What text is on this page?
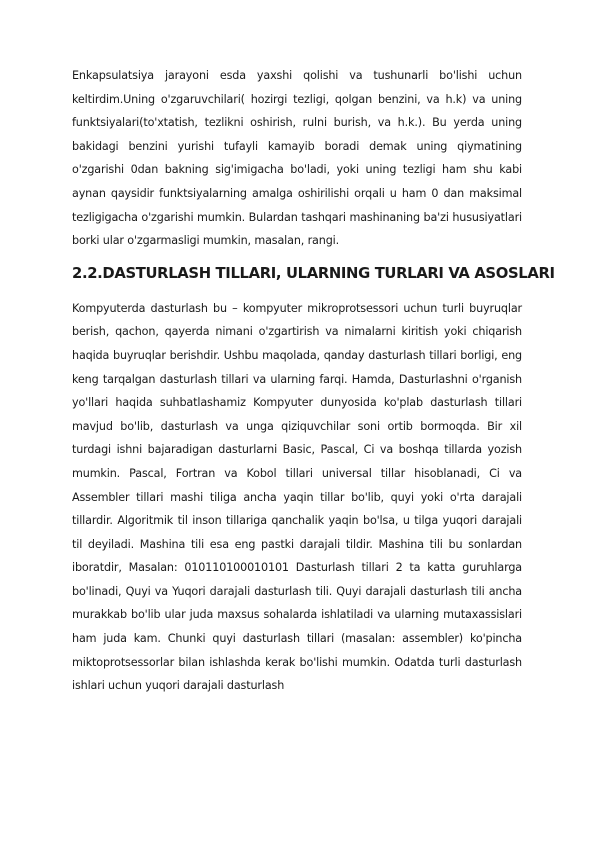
Enkapsulatsiya jarayoni esda yaxshi qolishi va tushunarli bo'lishi uchun keltirdim.Uning o'zgaruvchilari( hozirgi tezligi, qolgan benzini, va h.k) va uning funktsiyalari(to'xtatish, tezlikni oshirish, rulni burish, va h.k.). Bu yerda uning bakidagi benzini yurishi tufayli kamayib boradi demak uning qiymatining o'zgarishi 0dan bakning sig'imigacha bo'ladi, yoki uning tezligi ham shu kabi aynan qaysidir funktsiyalarning amalga oshirilishi orqali u ham 0 dan maksimal tezligigacha o'zgarishi mumkin. Bulardan tashqari mashinaning ba'zi hususiyatlari borki ular o'zgarmasligi mumkin, masalan, rangi.

2.2.DASTURLASH TILLARI, ULARNING TURLARI VA ASOSLARI

Kompyuterda dasturlash bu – kompyuter mikroprotsessori uchun turli buyruqlar berish, qachon, qayerda nimani o'zgartirish va nimalarni kiritish yoki chiqarish haqida buyruqlar berishdir. Ushbu maqolada, qanday dasturlash tillari borligi, eng keng tarqalgan dasturlash tillari va ularning farqi. Hamda, Dasturlashni o'rganish yo'llari haqida suhbatlashamiz Kompyuter dunyosida ko'plab dasturlash tillari mavjud bo'lib, dasturlash va unga qiziquvchilar soni ortib bormoqda. Bir xil turdagi ishni bajaradigan dasturlarni Basic, Pascal, Ci va boshqa tillarda yozish mumkin. Pascal, Fortran va Kobol tillari universal tillar hisoblanadi, Ci va Assembler tillari mashi tiliga ancha yaqin tillar bo'lib, quyi yoki o'rta darajali tillardir. Algoritmik til inson tillariga qanchalik yaqin bo'lsa, u tilga yuqori darajali til deyiladi. Mashina tili esa eng pastki darajali tildir. Mashina tili bu sonlardan iboratdir, Masalan: 010110100010101 Dasturlash tillari 2 ta katta guruhlarga bo'linadi, Quyi va Yuqori darajali dasturlash tili. Quyi darajali dasturlash tili ancha murakkab bo'lib ular juda maxsus sohalarda ishlatiladi va ularning mutaxassislari ham juda kam. Chunki quyi dasturlash tillari (masalan: assembler) ko'pincha miktoprotsessorlar bilan ishlashda kerak bo'lishi mumkin. Odatda turli dasturlash ishlari uchun yuqori darajali dasturlash
